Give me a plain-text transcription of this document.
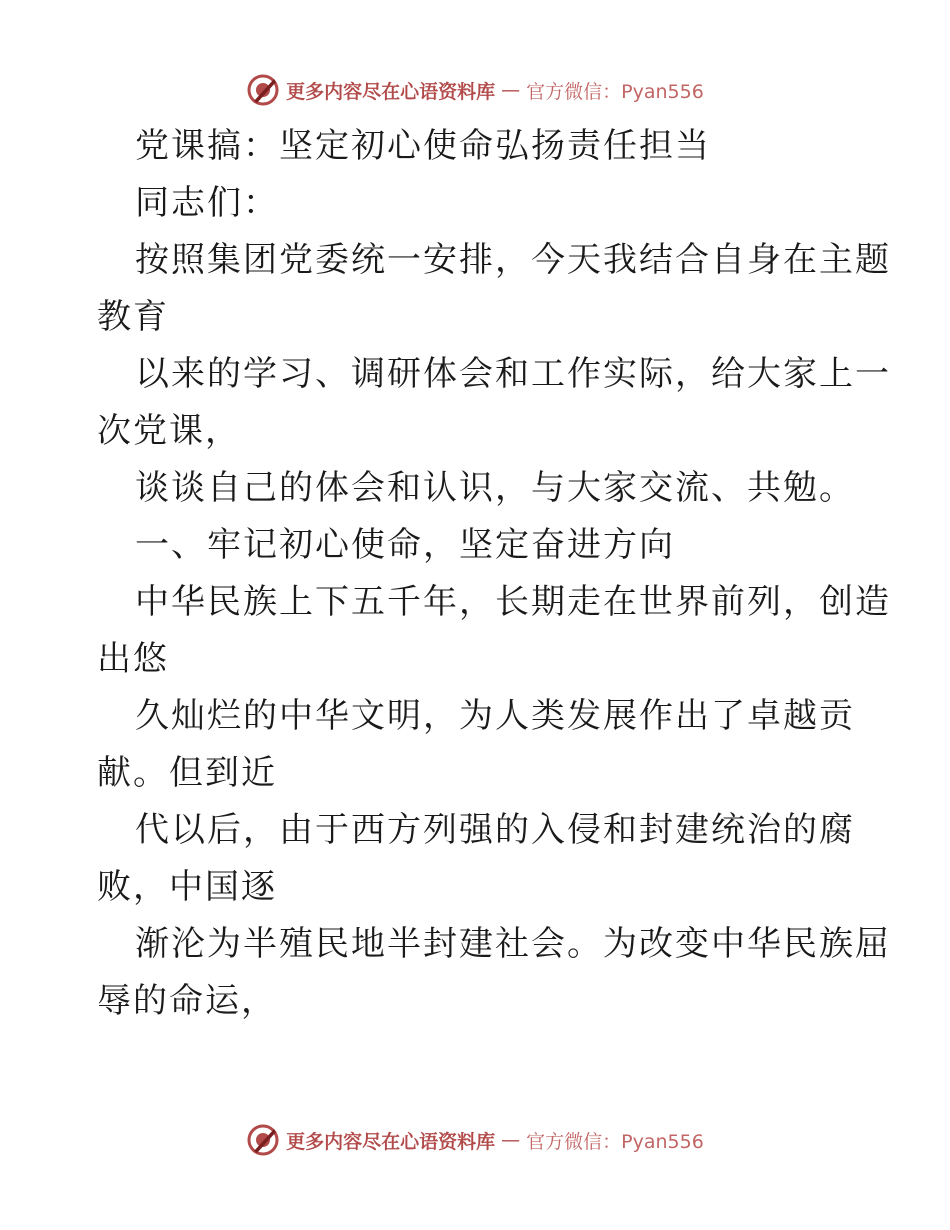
更多内容尽在心语资料库 — 官方微信：Pyan556
党课搞：坚定初心使命弘扬责任担当
同志们：
按照集团党委统一安排，今天我结合自身在主题
教育
以来的学习、调研体会和工作实际，给大家上一
次党课，
谈谈自己的体会和认识，与大家交流、共勉。
一、牢记初心使命，坚定奋进方向
中华民族上下五千年，长期走在世界前列，创造
出悠
久灿烂的中华文明，为人类发展作出了卓越贡
献。但到近
代以后，由于西方列强的入侵和封建统治的腐
败，中国逐
渐沦为半殖民地半封建社会。为改变中华民族屈
辱的命运，
更多内容尽在心语资料库 — 官方微信：Pyan556
